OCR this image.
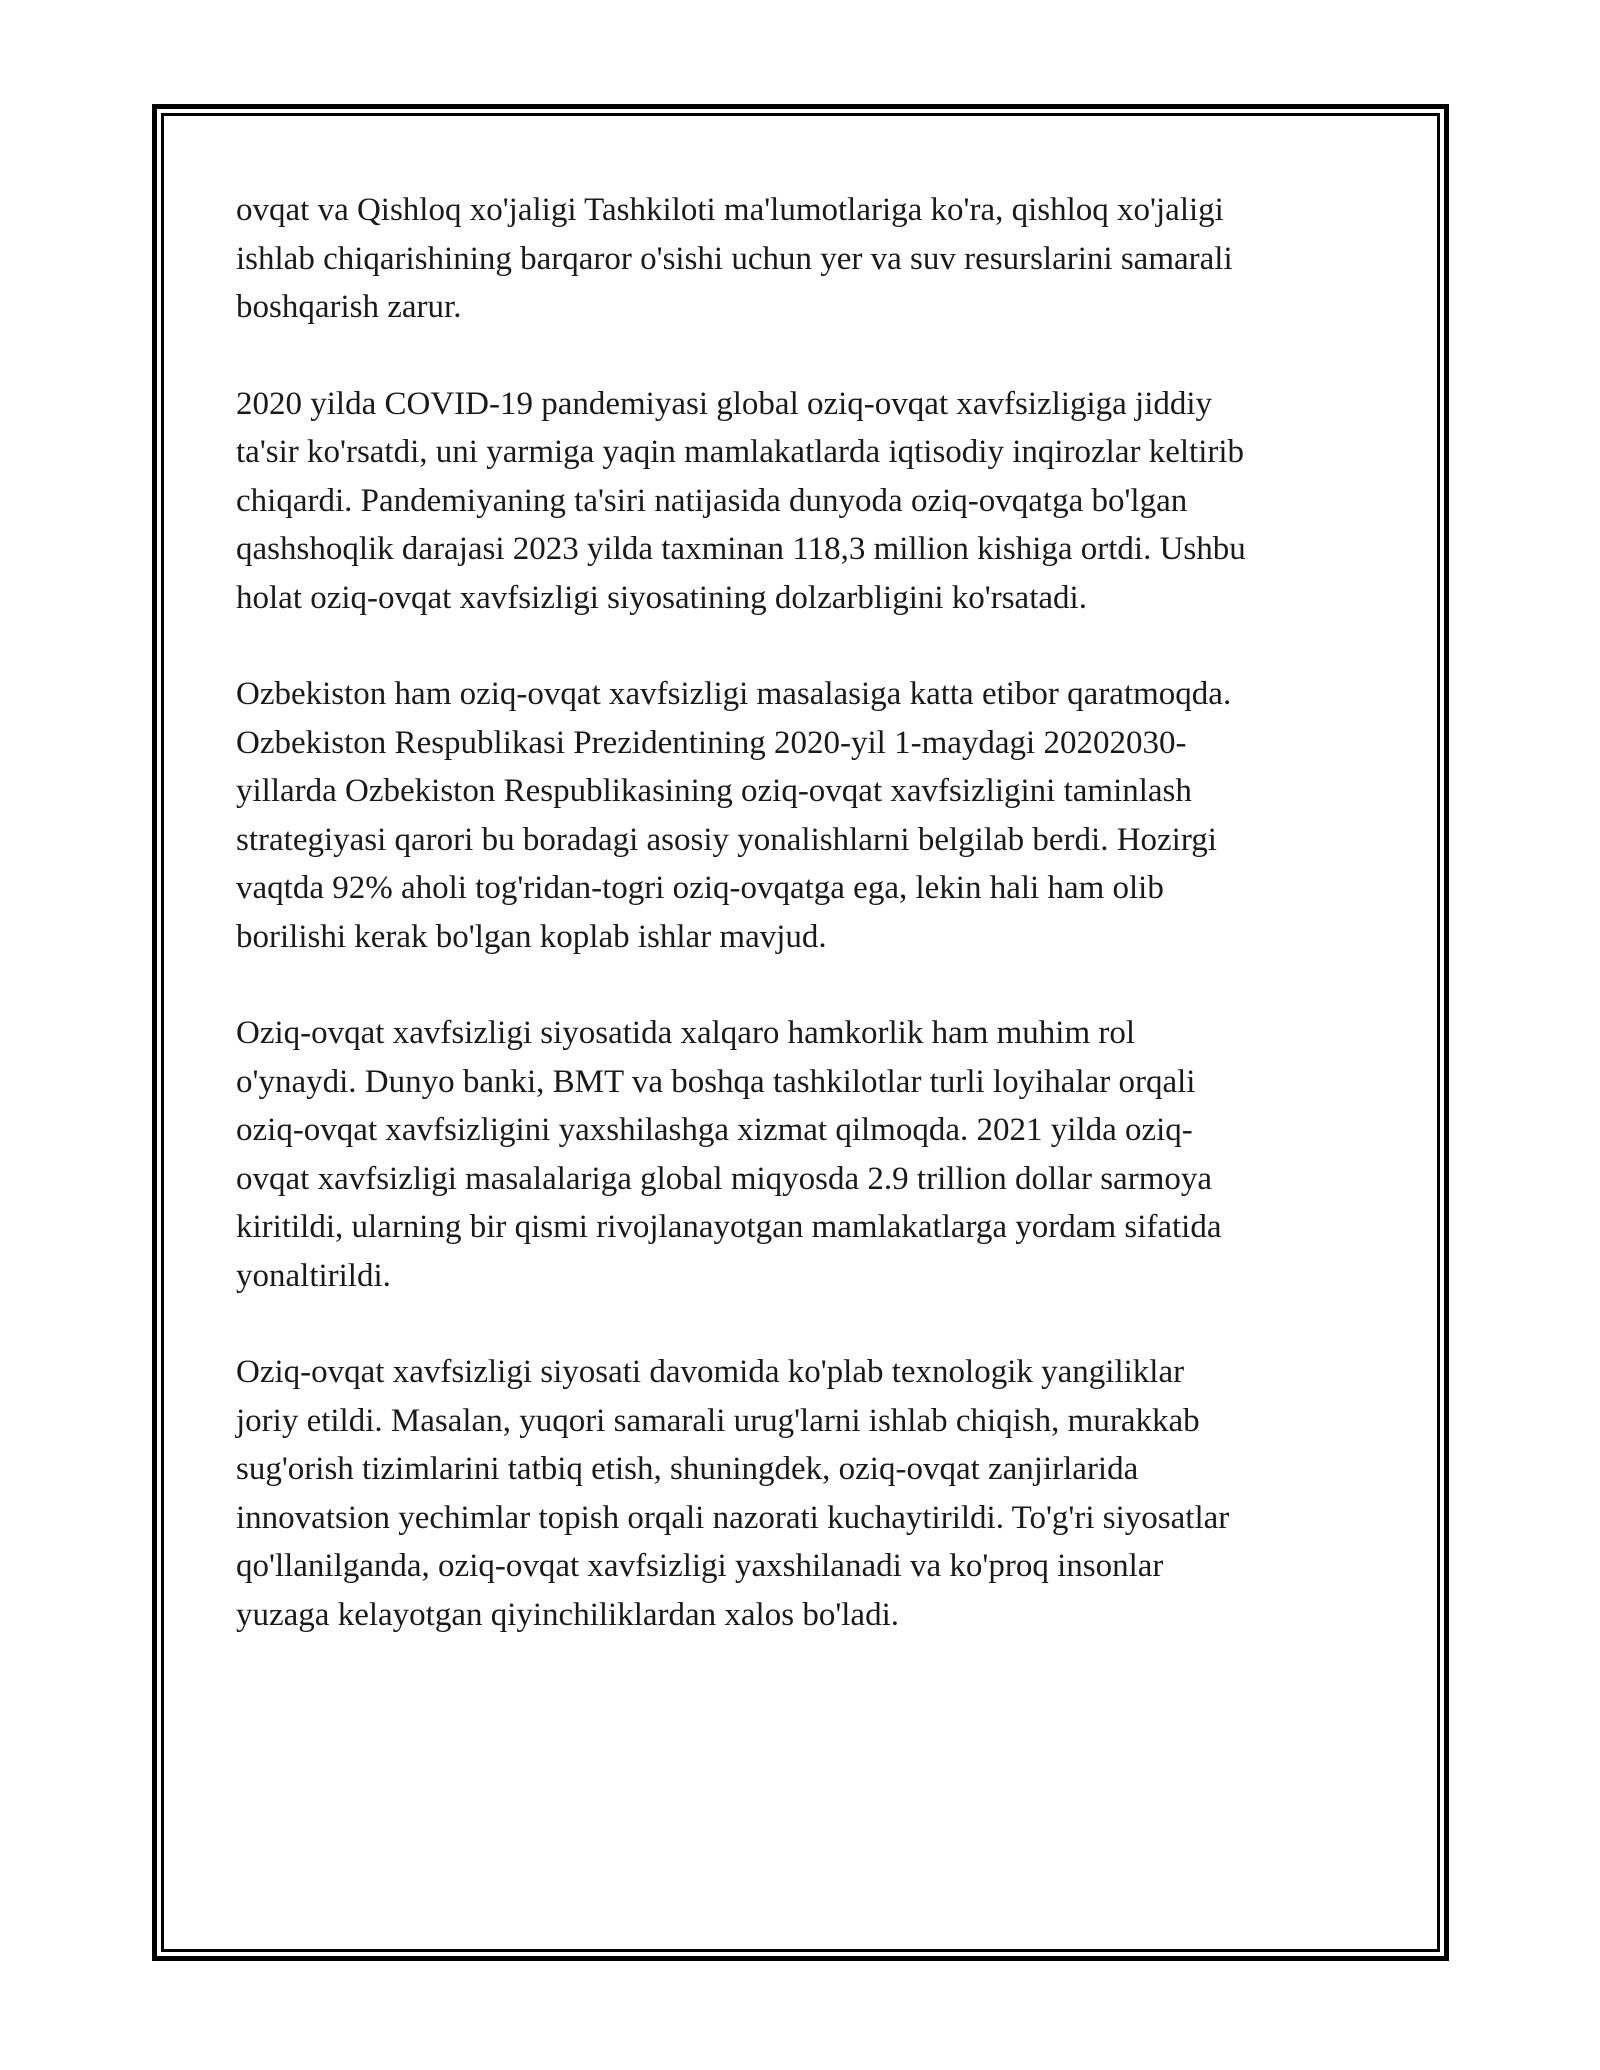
ovqat va Qishloq xo'jaligi Tashkiloti ma'lumotlariga ko'ra, qishloq xo'jaligi
ishlab chiqarishining barqaror o'sishi uchun yer va suv resurslarini samarali
boshqarish zarur.

2020 yilda COVID-19 pandemiyasi global oziq-ovqat xavfsizligiga jiddiy
ta'sir ko'rsatdi, uni yarmiga yaqin mamlakatlarda iqtisodiy inqirozlar keltirib
chiqardi. Pandemiyaning ta'siri natijasida dunyoda oziq-ovqatga bo'lgan
qashshoqlik darajasi 2023 yilda taxminan 118,3 million kishiga ortdi. Ushbu
holat oziq-ovqat xavfsizligi siyosatining dolzarbligini ko'rsatadi.

Ozbekiston ham oziq-ovqat xavfsizligi masalasiga katta etibor qaratmoqda.
Ozbekiston Respublikasi Prezidentining 2020-yil 1-maydagi 20202030-
yillarda Ozbekiston Respublikasining oziq-ovqat xavfsizligini taminlash
strategiyasi qarori bu boradagi asosiy yonalishlarni belgilab berdi. Hozirgi
vaqtda 92% aholi tog'ridan-togri oziq-ovqatga ega, lekin hali ham olib
borilishi kerak bo'lgan koplab ishlar mavjud.

Oziq-ovqat xavfsizligi siyosatida xalqaro hamkorlik ham muhim rol
o'ynaydi. Dunyo banki, BMT va boshqa tashkilotlar turli loyihalar orqali
oziq-ovqat xavfsizligini yaxshilashga xizmat qilmoqda. 2021 yilda oziq-
ovqat xavfsizligi masalalariga global miqyosda 2.9 trillion dollar sarmoya
kiritildi, ularning bir qismi rivojlanayotgan mamlakatlarga yordam sifatida
yonaltirildi.

Oziq-ovqat xavfsizligi siyosati davomida ko'plab texnologik yangiliklar
joriy etildi. Masalan, yuqori samarali urug'larni ishlab chiqish, murakkab
sug'orish tizimlarini tatbiq etish, shuningdek, oziq-ovqat zanjirlarida
innovatsion yechimlar topish orqali nazorati kuchaytirildi. To'g'ri siyosatlar
qo'llanilganda, oziq-ovqat xavfsizligi yaxshilanadi va ko'proq insonlar
yuzaga kelayotgan qiyinchiliklardan xalos bo'ladi.
